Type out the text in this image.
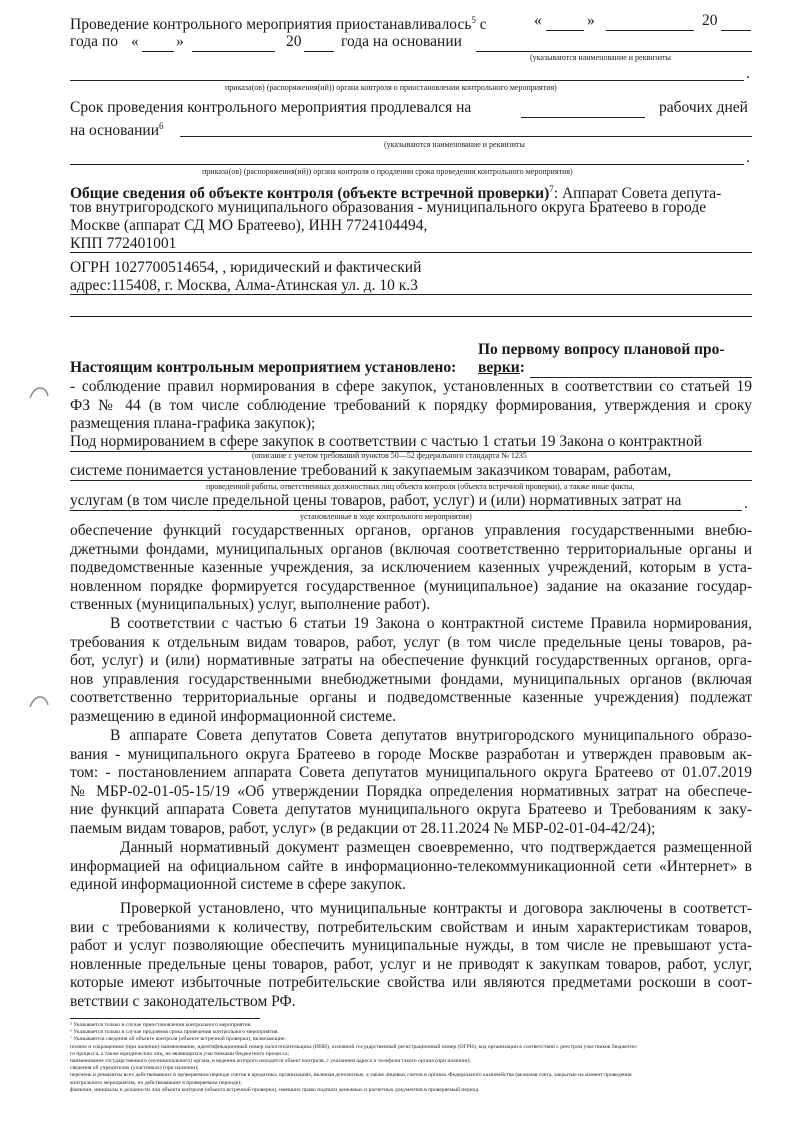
Проведение контрольного мероприятия приостанавливалось$^5$ с	«	»	20
года по « »	20	года на основании
(указываются наименование и реквизиты
.
приказа(ов) (распоряжения(ий)) органа контроля о приостановлении контрольного мероприятия)
Срок проведения контрольного мероприятия продлевался на	рабочих дней
на основании$^6$
(указываются наименование и реквизиты
.
приказа(ов) (распоряжения(ий)) органа контроля о продлении срока проведения контрольного мероприятия)
Общие сведения об объекте контроля (объекте встречной проверки)$^7$: Аппарат Совета депута-
тов внутригородского муниципального образования - муниципального округа Братеево в городе
Москве (аппарат СД МО Братеево), ИНН 7724104494,
КПП 772401001
ОГРН 1027700514654, , юридический и фактический
адрес:115408, г. Москва, Алма-Атинская ул. д. 10 к.3
По первому вопросу плановой про-
Настоящим контрольным мероприятием установлено: верки:
- соблюдение правил нормирования в сфере закупок, установленных в соответствии со статьей 19
ФЗ № 44 (в том числе соблюдение требований к порядку формирования, утверждения и сроку
размещения плана-графика закупок);
Под нормированием в сфере закупок в соответствии с частью 1 статьи 19 Закона о контрактной
(описание с учетом требований пунктов 50—52 федерального стандарта № 1235
системе понимается установление требований к закупаемым заказчиком товарам, работам,
проведенной работы, ответственных должностных лиц объекта контроля (объекта встречной проверки), а также иные факты,
услугам (в том числе предельной цены товаров, работ, услуг) и (или) нормативных затрат на	.
установленные в ходе контрольного мероприятия)
обеспечение функций государственных органов, органов управления государственными внебю-
джетными фондами, муниципальных органов (включая соответственно территориальные органы и
подведомственные казенные учреждения, за исключением казенных учреждений, которым в уста-
новленном порядке формируется государственное (муниципальное) задание на оказание государ-
ственных (муниципальных) услуг, выполнение работ).
В соответствии с частью 6 статьи 19 Закона о контрактной системе Правила нормирования,
требования к отдельным видам товаров, работ, услуг (в том числе предельные цены товаров, ра-
бот, услуг) и (или) нормативные затраты на обеспечение функций государственных органов, орга-
нов управления государственными внебюджетными фондами, муниципальных органов (включая
соответственно территориальные органы и подведомственные казенные учреждения) подлежат
размещению в единой информационной системе.
В аппарате Совета депутатов Совета депутатов внутригородского муниципального образо-
вания - муниципального округа Братеево в городе Москве разработан и утвержден правовым ак-
том: - постановлением аппарата Совета депутатов муниципального округа Братеево от 01.07.2019
№ МБР-02-01-05-15/19 «Об утверждении Порядка определения нормативных затрат на обеспече-
ние функций аппарата Совета депутатов муниципального округа Братеево и Требованиям к заку-
паемым видам товаров, работ, услуг» (в редакции от 28.11.2024 № МБР-02-01-04-42/24);
Данный нормативный документ размещен своевременно, что подтверждается размещенной
информацией на официальном сайте в информационно-телекоммуникационной сети «Интернет» в
единой информационной системе в сфере закупок.
Проверкой установлено, что муниципальные контракты и договора заключены в соответст-
вии с требованиями к количеству, потребительским свойствам и иным характеристикам товаров,
работ и услуг позволяющие обеспечить муниципальные нужды, в том числе не превышают уста-
новленные предельные цены товаров, работ, услуг и не приводят к закупкам товаров, работ, услуг,
которые имеют избыточные потребительские свойства или являются предметами роскоши в соот-
ветствии с законодательством РФ.
⁵ Указывается только в случае приостановления контрольного мероприятия.
⁶ Указывается только в случае продления срока проведения контрольного мероприятия.
⁷ Указываются сведения об объекте контроля (объекте встречной проверки), включающие:
полное и сокращенное (при наличии) наименование, идентификационный номер налогоплательщика (ИНН), основной государственный регистрационный номер (ОГРН), код организации в соответствии с реестром участников бюджетно-
го процесса, а также юридических лиц, не являющихся участниками бюджетного процесса;
наименование государственного (муниципального) органа, в ведении которого находится объект контроля, с указанием адреса и телефона такого органа (при наличии);
сведения об учредителях (участниках) (при наличии);
перечень и реквизиты всех действовавших в проверяемом периоде счетов в кредитных организациях, включая депозитные, а также лицевых счетов в органах Федерального казначейства (включая счета, закрытые на момент проведения
контрольного мероприятия, но действовавшие в проверяемом периоде);
фамилии, инициалы и должности лиц объекта контроля (объекта встречной проверки), имевших право подписи денежных и расчетных документов в проверяемый период.
